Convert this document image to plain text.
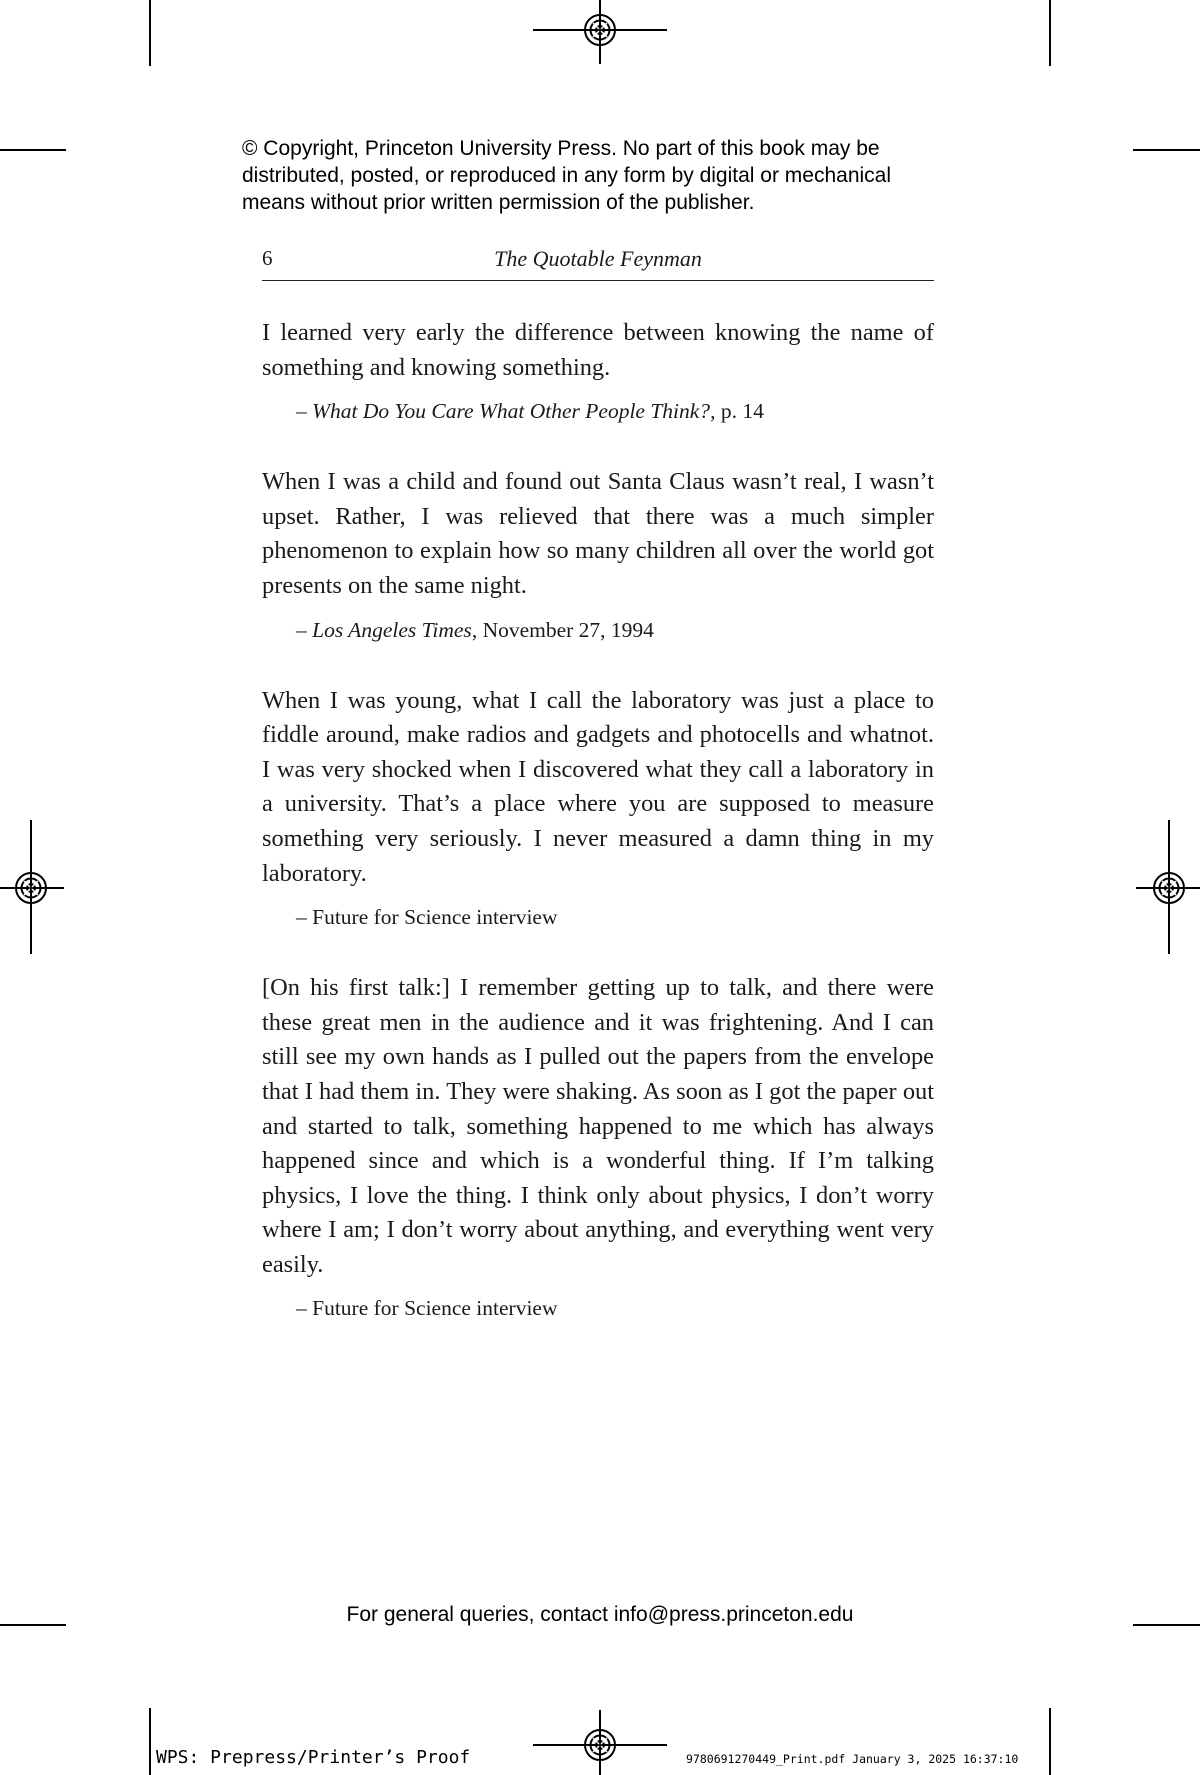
© Copyright, Princeton University Press. No part of this book may be

distributed, posted, or reproduced in any form by digital or mechanical

means without prior written permission of the publisher.

6	The Quotable Feynman

I learned very early the difference between knowing the name of something and knowing something.

– What Do You Care What Other People Think?, p. 14

When I was a child and found out Santa Claus wasn’t real, I wasn’t upset. Rather, I was relieved that there was a much simpler phenomenon to explain how so many children all over the world got presents on the same night.

– Los Angeles Times, November 27, 1994

When I was young, what I call the laboratory was just a place to fiddle around, make radios and gadgets and photocells and whatnot. I was very shocked when I discovered what they call a laboratory in a university. That’s a place where you are supposed to measure something very seriously. I never measured a damn thing in my laboratory.

– Future for Science interview

[On his first talk:] I remember getting up to talk, and there were these great men in the audience and it was frightening. And I can still see my own hands as I pulled out the papers from the envelope that I had them in. They were shaking. As soon as I got the paper out and started to talk, something happened to me which has always happened since and which is a wonderful thing. If I’m talking physics, I love the thing. I think only about physics, I don’t worry where I am; I don’t worry about anything, and everything went very easily.

– Future for Science interview

For general queries, contact info@press.princeton.edu
WPS: Prepress/Printer’s Proof	9780691270449_Print.pdf January 3, 2025 16:37:10
